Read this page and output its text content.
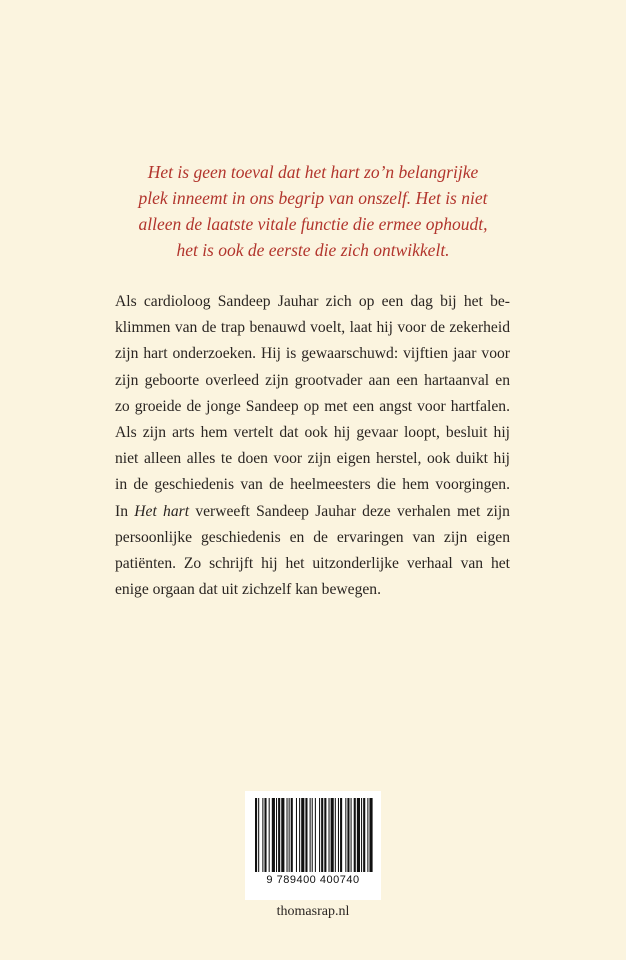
Het is geen toeval dat het hart zo’n belangrijke
plek inneemt in ons begrip van onszelf. Het is niet
alleen de laatste vitale functie die ermee ophoudt,
het is ook de eerste die zich ontwikkelt.
Als cardioloog Sandeep Jauhar zich op een dag bij het be-
klimmen van de trap benauwd voelt, laat hij voor de zekerheid
zijn hart onderzoeken. Hij is gewaarschuwd: vijftien jaar voor
zijn geboorte overleed zijn grootvader aan een hartaanval en
zo groeide de jonge Sandeep op met een angst voor hartfalen.
Als zijn arts hem vertelt dat ook hij gevaar loopt, besluit hij
niet alleen alles te doen voor zijn eigen herstel, ook duikt hij
in de geschiedenis van de heelmeesters die hem voorgingen.
In Het hart verweeft Sandeep Jauhar deze verhalen met zijn
persoonlijke geschiedenis en de ervaringen van zijn eigen
patiënten. Zo schrijft hij het uitzonderlijke verhaal van het
enige orgaan dat uit zichzelf kan bewegen.
9 789400 400740
thomasrap.nl
